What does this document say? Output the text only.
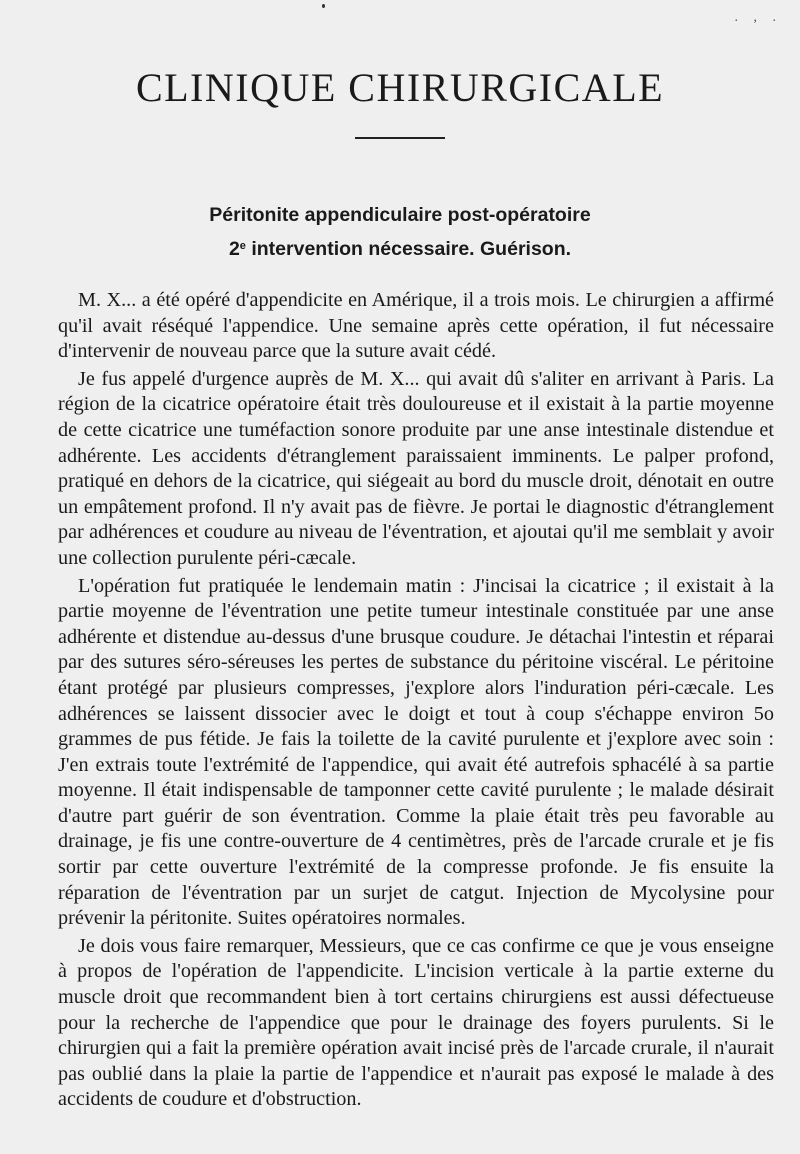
. , .
CLINIQUE CHIRURGICALE
Péritonite appendiculaire post-opératoire
2e intervention nécessaire. Guérison.

M. X... a été opéré d'appendicite en Amérique, il a trois mois. Le chirurgien a affirmé qu'il avait réséqué l'appendice. Une semaine après cette opération, il fut nécessaire d'intervenir de nouveau parce que la suture avait cédé.

Je fus appelé d'urgence auprès de M. X... qui avait dû s'aliter en arrivant à Paris. La région de la cicatrice opératoire était très douloureuse et il existait à la partie moyenne de cette cicatrice une tuméfaction sonore produite par une anse intestinale distendue et adhérente. Les accidents d'étranglement paraissaient imminents. Le palper profond, pratiqué en dehors de la cicatrice, qui siégeait au bord du muscle droit, dénotait en outre un empâtement profond. Il n'y avait pas de fièvre. Je portai le diagnostic d'étranglement par adhérences et coudure au niveau de l'éventration, et ajoutai qu'il me semblait y avoir une collection purulente péri-cæcale.

L'opération fut pratiquée le lendemain matin : J'incisai la cicatrice ; il existait à la partie moyenne de l'éventration une petite tumeur intestinale constituée par une anse adhérente et distendue au-dessus d'une brusque coudure. Je détachai l'intestin et réparai par des sutures séro-séreuses les pertes de substance du péritoine viscéral. Le péritoine étant protégé par plusieurs compresses, j'explore alors l'induration péri-cæcale. Les adhérences se laissent dissocier avec le doigt et tout à coup s'échappe environ 5o grammes de pus fétide. Je fais la toilette de la cavité purulente et j'explore avec soin : J'en extrais toute l'extrémité de l'appendice, qui avait été autrefois sphacélé à sa partie moyenne. Il était indispensable de tamponner cette cavité purulente ; le malade désirait d'autre part guérir de son éventration. Comme la plaie était très peu favorable au drainage, je fis une contre-ouverture de 4 centimètres, près de l'arcade crurale et je fis sortir par cette ouverture l'extrémité de la compresse profonde. Je fis ensuite la réparation de l'éventration par un surjet de catgut. Injection de Mycolysine pour prévenir la péritonite. Suites opératoires normales.

Je dois vous faire remarquer, Messieurs, que ce cas confirme ce que je vous enseigne à propos de l'opération de l'appendicite. L'incision verticale à la partie externe du muscle droit que recommandent bien à tort certains chirurgiens est aussi défectueuse pour la recherche de l'appendice que pour le drainage des foyers purulents. Si le chirurgien qui a fait la première opération avait incisé près de l'arcade crurale, il n'aurait pas oublié dans la plaie la partie de l'appendice et n'aurait pas exposé le malade à des accidents de coudure et d'obstruction.
